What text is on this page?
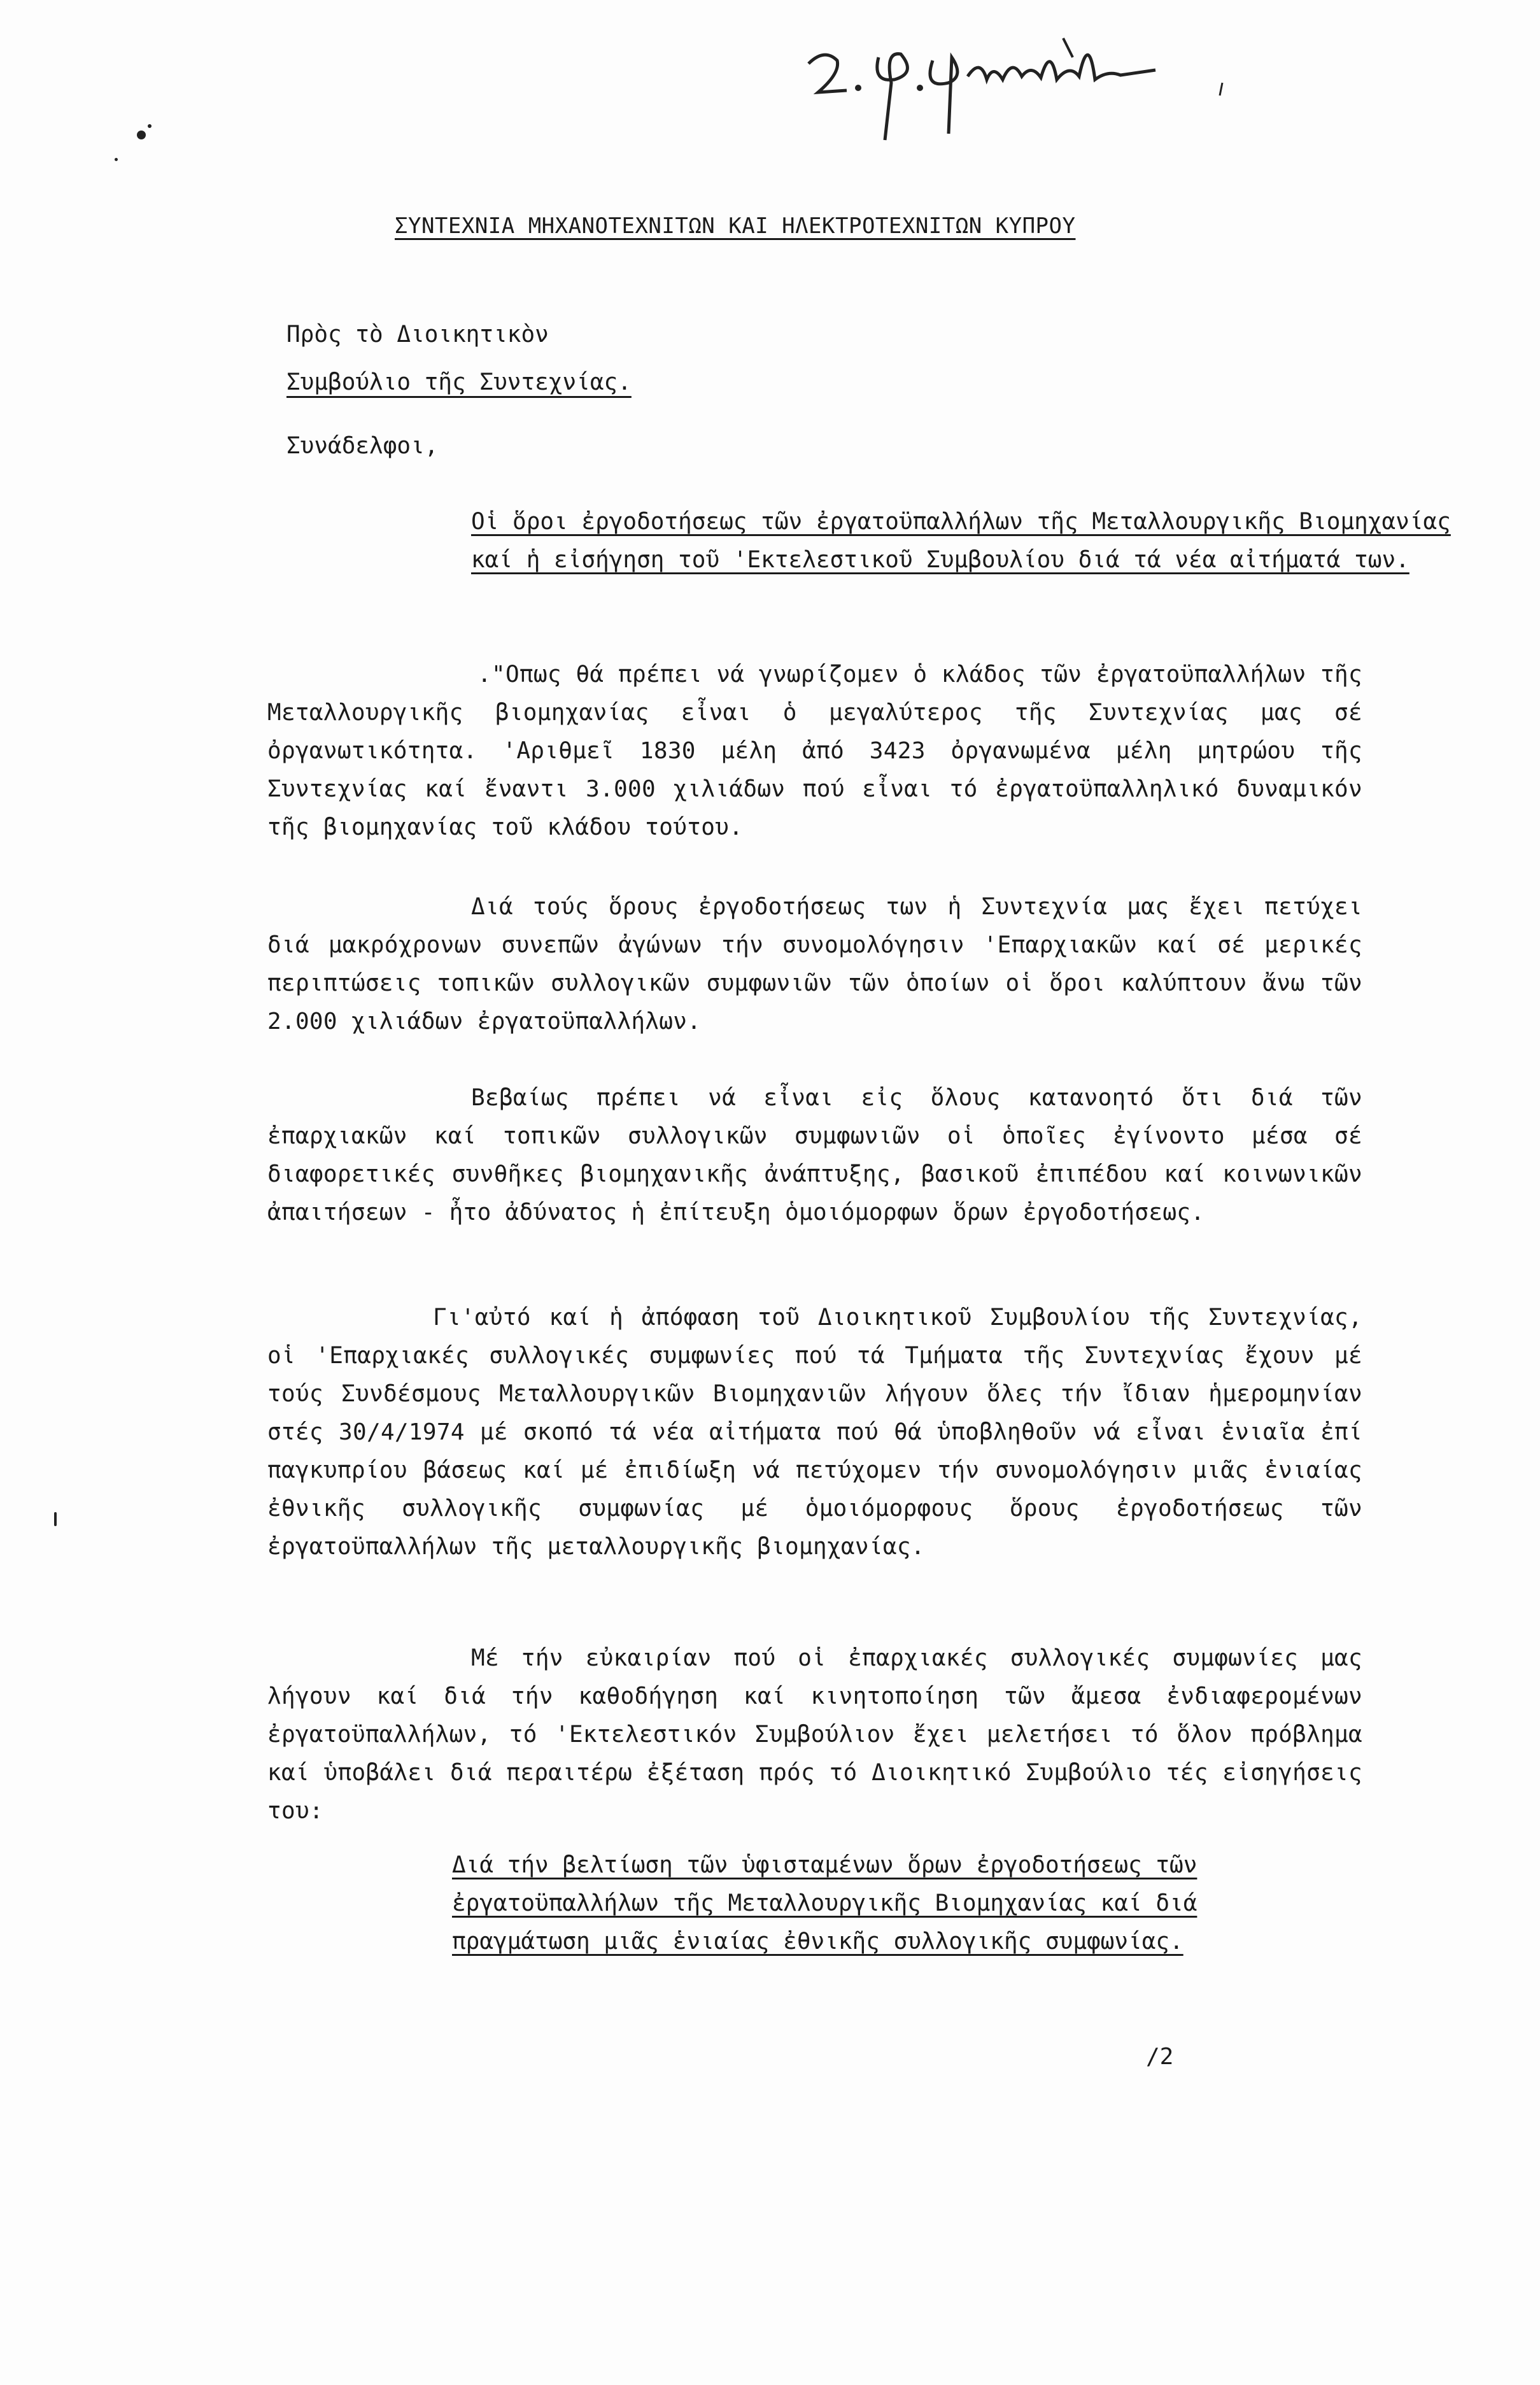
ΣΥΝΤΕΧΝΙΑ ΜΗΧΑΝΟΤΕΧΝΙΤΩΝ ΚΑΙ ΗΛΕΚΤΡΟΤΕΧΝΙΤΩΝ ΚΥΠΡΟΥ
Πρὸς τὸ Διοικητικὸν
Συμβούλιο τῆς Συντεχνίας.
Συνάδελφοι,
Οἱ ὅροι ἐργοδοτήσεως τῶν ἐργατοϋπαλλήλων τῆς Μεταλλουργικῆς Βιομηχανίας καί ἡ εἰσήγηση τοῦ 'Εκτελεστικοῦ Συμβουλίου διά τά νέα αἰτήματά των.
."Οπως θά πρέπει νά γνωρίζομεν ὁ κλάδος τῶν ἐργατοϋπαλλήλων τῆς Μεταλλουργικῆς βιομηχανίας εἶναι ὁ μεγαλύτερος τῆς Συντεχνίας μας σέ ὀργανωτικότητα. 'Αριθμεῖ 1830 μέλη ἀπό 3423 ὀργανωμένα μέλη μητρώου τῆς Συντεχνίας καί ἔναντι 3.000 χιλιάδων πού εἶναι τό ἐργατοϋπαλληλικό δυναμικόν τῆς βιομηχανίας τοῦ κλάδου τούτου.
Διά τούς ὅρους ἐργοδοτήσεως των ἡ Συντεχνία μας ἔχει πετύχει διά μακρόχρονων συνεπῶν ἀγώνων τήν συνομολόγησιν 'Επαρχιακῶν καί σέ μερικές περιπτώσεις τοπικῶν συλλογικῶν συμφωνιῶν τῶν ὁποίων οἱ ὅροι καλύπτουν ἄνω τῶν 2.000 χιλιάδων ἐργατοϋπαλλήλων.
Βεβαίως πρέπει νά εἶναι εἰς ὅλους κατανοητό ὅτι διά τῶν ἐπαρχιακῶν καί τοπικῶν συλλογικῶν συμφωνιῶν οἱ ὁποῖες ἐγίνοντο μέσα σέ διαφορετικές συνθῆκες βιομηχανικῆς ἀνάπτυξης, βασικοῦ ἐπιπέδου καί κοινωνικῶν ἀπαιτήσεων - ἦτο ἀδύνατος ἡ ἐπίτευξη ὁμοιόμορφων ὅρων ἐργοδοτήσεως.
Γι'αὐτό καί ἡ ἀπόφαση τοῦ Διοικητικοῦ Συμβουλίου τῆς Συντεχνίας, οἱ 'Επαρχιακές συλλογικές συμφωνίες πού τά Τμήματα τῆς Συντεχνίας ἔχουν μέ τούς Συνδέσμους Μεταλλουργικῶν Βιομηχανιῶν λήγουν ὅλες τήν ἴδιαν ἡμερομηνίαν στές 30/4/1974 μέ σκοπό τά νέα αἰτήματα πού θά ὑποβληθοῦν νά εἶναι ἑνιαῖα ἐπί παγκυπρίου βάσεως καί μέ ἐπιδίωξη νά πετύχομεν τήν συνομολόγησιν μιᾶς ἑνιαίας ἐθνικῆς συλλογικῆς συμφωνίας μέ ὁμοιόμορφους ὅρους ἐργοδοτήσεως τῶν ἐργατοϋπαλλήλων τῆς μεταλλουργικῆς βιομηχανίας.
Μέ τήν εὐκαιρίαν πού οἱ ἐπαρχιακές συλλογικές συμφωνίες μας λήγουν καί διά τήν καθοδήγηση καί κινητοποίηση τῶν ἄμεσα ἐνδιαφερομένων ἐργατοϋπαλλήλων, τό 'Εκτελεστικόν Συμβούλιον ἔχει μελετήσει τό ὅλον πρόβλημα καί ὑποβάλει διά περαιτέρω ἐξέταση πρός τό Διοικητικό Συμβούλιο τές εἰσηγήσεις του:
Διά τήν βελτίωση τῶν ὑφισταμένων ὅρων ἐργοδοτήσεως τῶν ἐργατοϋπαλλήλων τῆς Μεταλλουργικῆς Βιομηχανίας καί διά πραγμάτωση μιᾶς ἑνιαίας ἐθνικῆς συλλογικῆς συμφωνίας.
/2
